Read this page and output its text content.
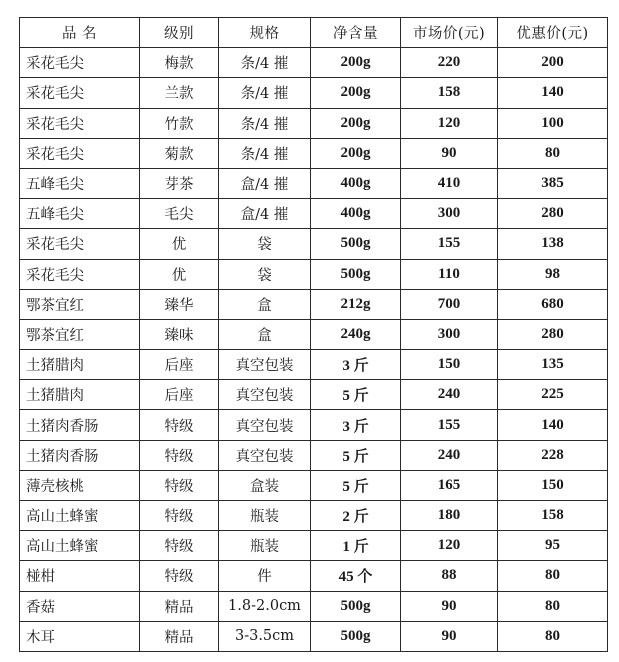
品 名	级别	规格	净含量	市场价(元)	优惠价(元)
采花毛尖	梅款	条/4 摧	200g	220	200
采花毛尖	兰款	条/4 摧	200g	158	140
采花毛尖	竹款	条/4 摧	200g	120	100
采花毛尖	菊款	条/4 摧	200g	90	80
五峰毛尖	芽茶	盒/4 摧	400g	410	385
五峰毛尖	毛尖	盒/4 摧	400g	300	280
采花毛尖	优	袋	500g	155	138
采花毛尖	优	袋	500g	110	98
鄂茶宜红	臻华	盒	212g	700	680
鄂茶宜红	臻味	盒	240g	300	280
土猪腊肉	后座	真空包装	3 斤	150	135
土猪腊肉	后座	真空包装	5 斤	240	225
土猪肉香肠	特级	真空包装	3 斤	155	140
土猪肉香肠	特级	真空包装	5 斤	240	228
薄壳核桃	特级	盒装	5 斤	165	150
高山土蜂蜜	特级	瓶装	2 斤	180	158
高山土蜂蜜	特级	瓶装	1 斤	120	95
椪柑	特级	件	45 个	88	80
香菇	精品	1.8-2.0cm	500g	90	80
木耳	精品	3-3.5cm	500g	90	80
